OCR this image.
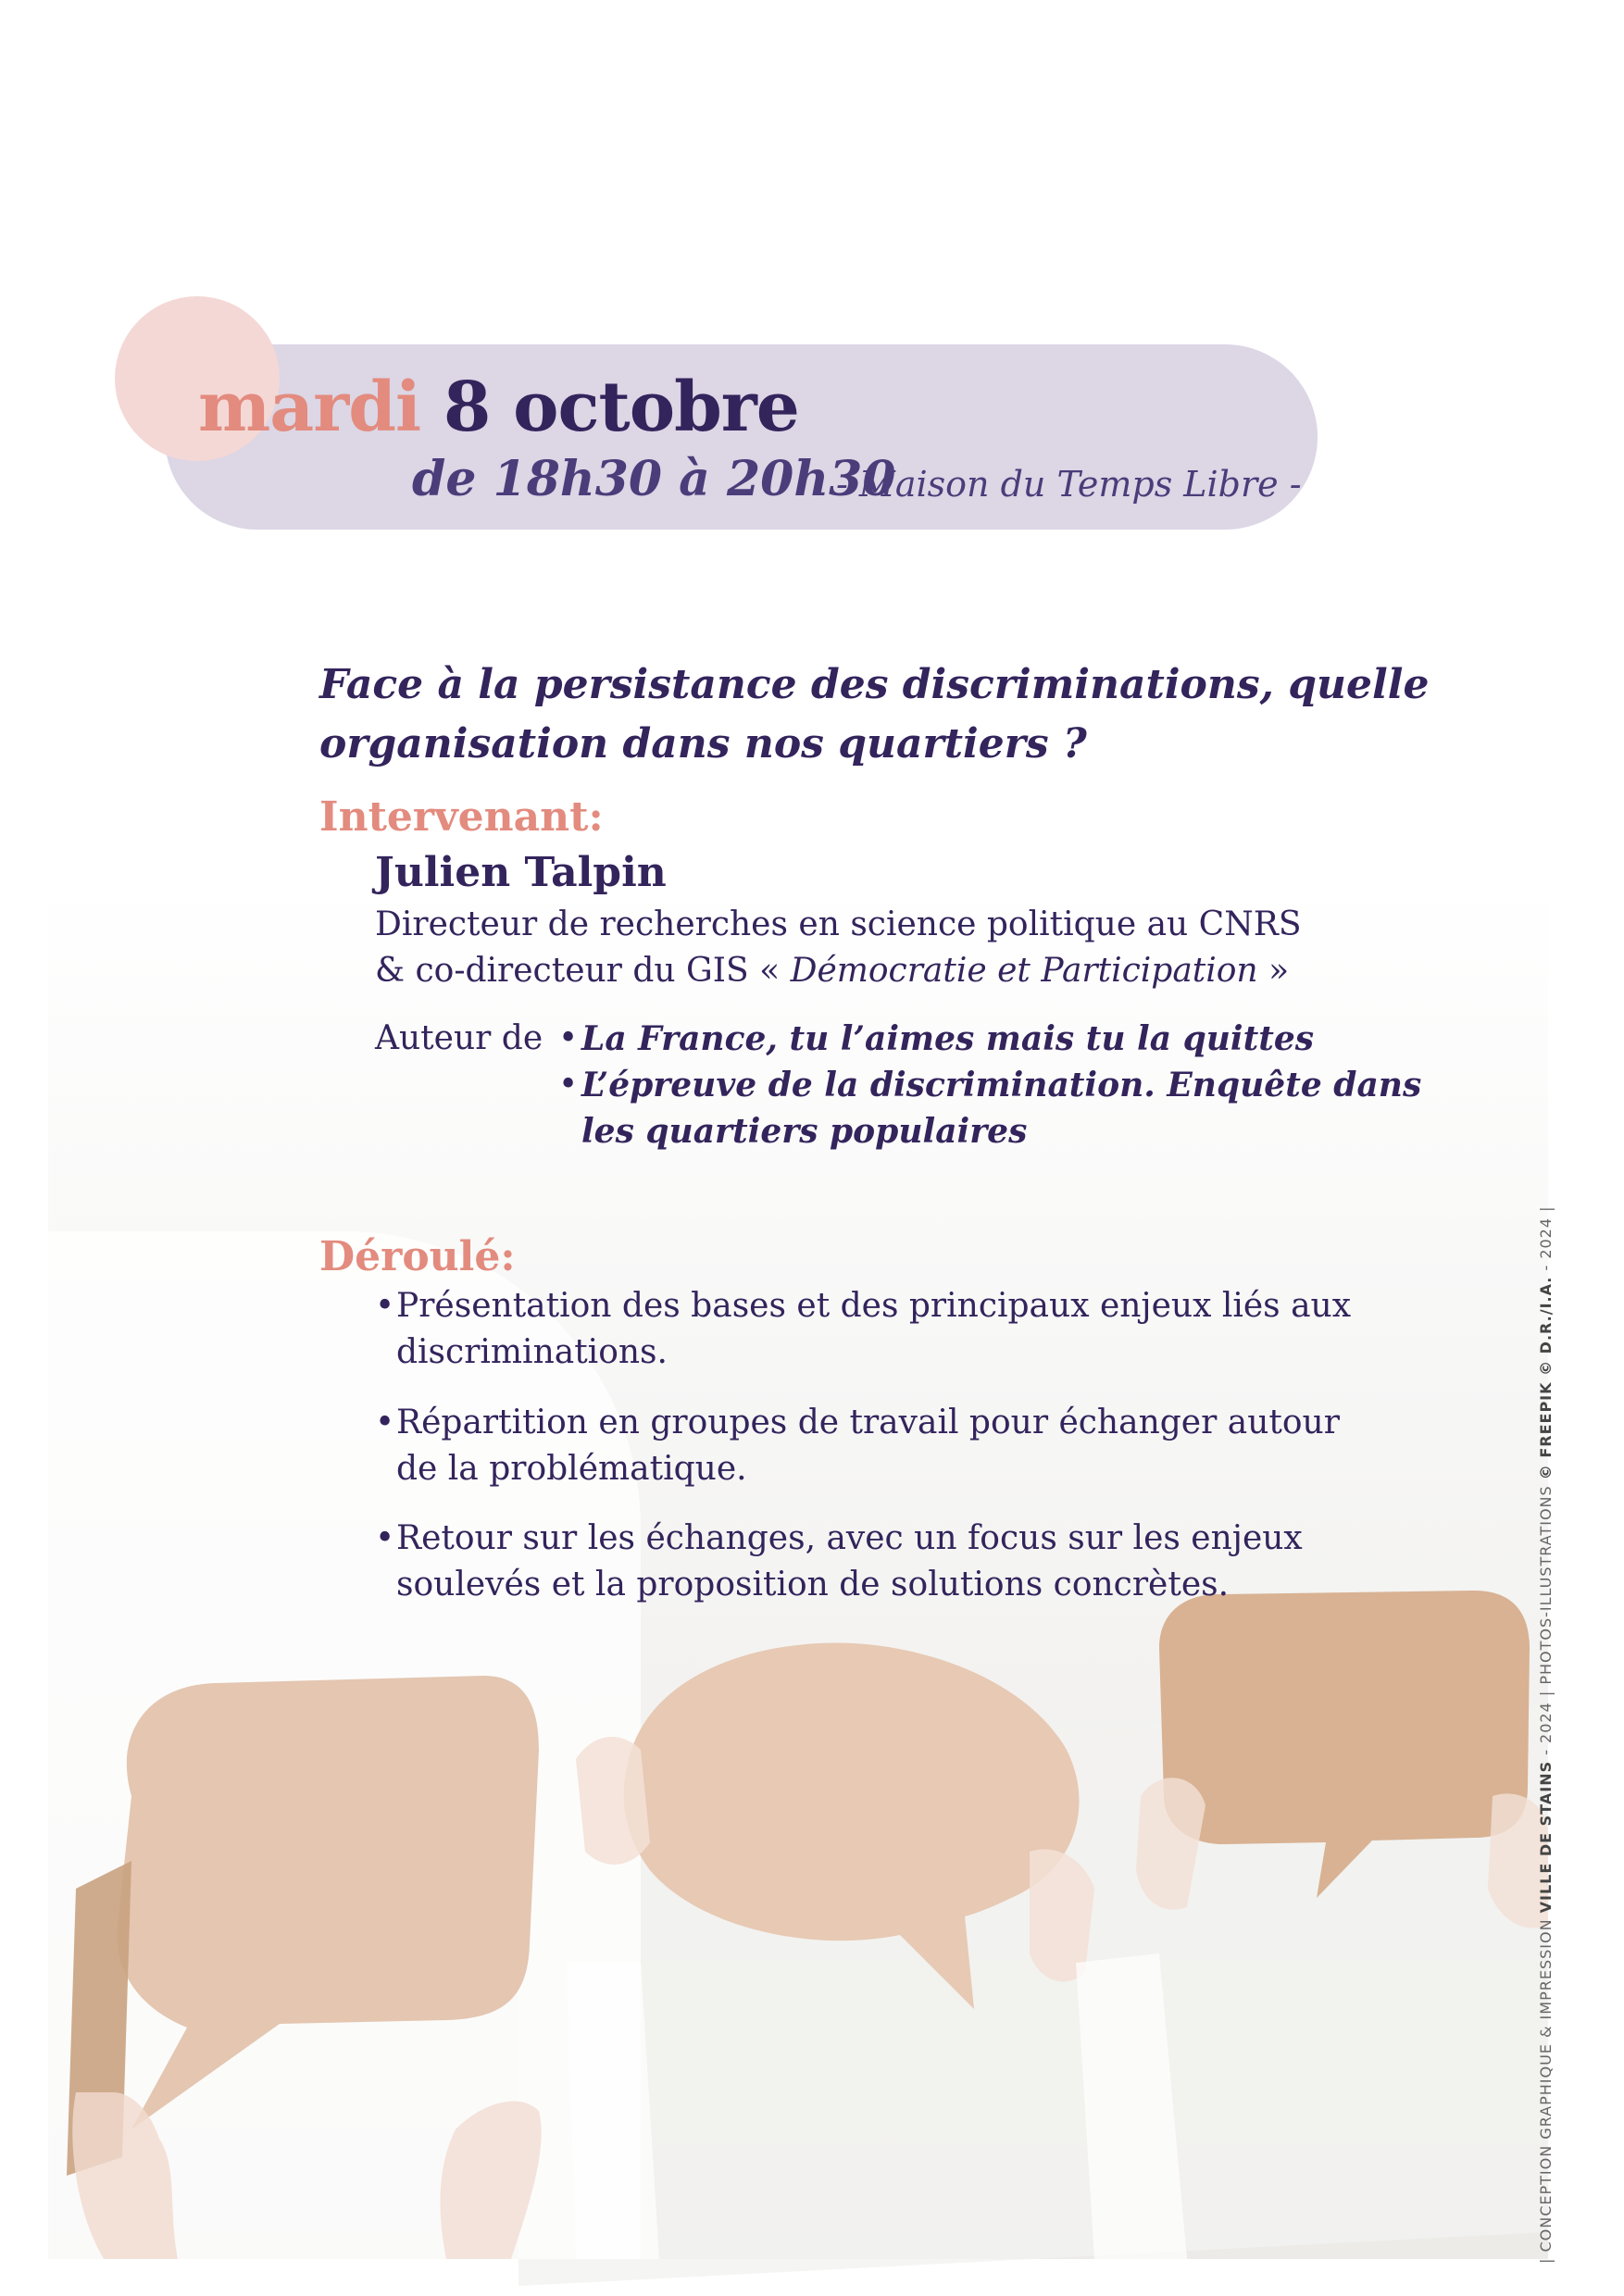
mardi 8 octobre
de 18h30 à 20h30
- Maison du Temps Libre -
Face à la persistance des discriminations, quelle
organisation dans nos quartiers ?
Intervenant:
Julien Talpin
Directeur de recherches en science politique au CNRS
& co-directeur du GIS « Démocratie et Participation »
Auteur de • La France, tu l’aimes mais tu la quittes
• L’épreuve de la discrimination. Enquête dans
les quartiers populaires
Déroulé:
• Présentation des bases et des principaux enjeux liés aux
discriminations.
• Répartition en groupes de travail pour échanger autour
de la problématique.
• Retour sur les échanges, avec un focus sur les enjeux
soulevés et la proposition de solutions concrètes.
| CONCEPTION GRAPHIQUE & IMPRESSION VILLE DE STAINS - 2024 | PHOTOS-ILLUSTRATIONS © FREEPIK © D.R./I.A. - 2024 |
